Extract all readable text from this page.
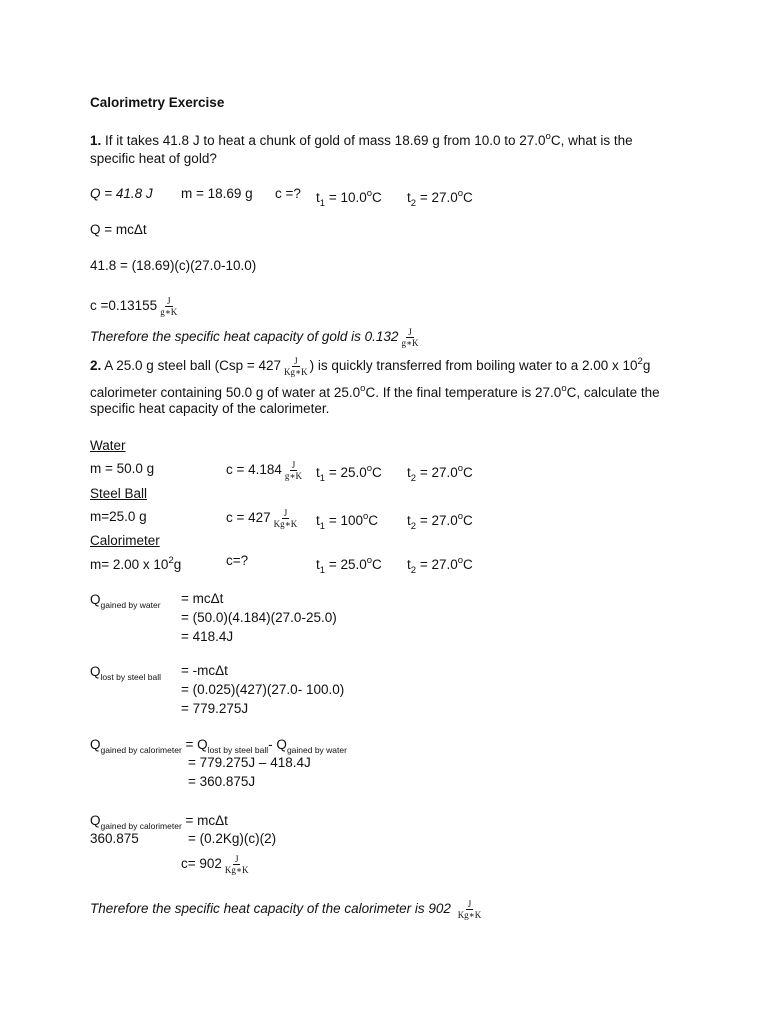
Calorimetry Exercise
1. If it takes 41.8 J to heat a chunk of gold of mass 18.69 g from 10.0 to 27.0$^o$C, what is the
specific heat of gold?
Q = 41.8 J m = 18.69 g c =? $t_1 = 10.0^oC$ $t_2 = 27.0^oC$
Q = mcΔt
41.8 = (18.69)(c)(27.0-10.0)
$c =0.13155 \frac{J}{g∗K}$
Therefore the specific heat capacity of gold is $0.132 \frac{J}{g∗K}$
2. A 25.0 g steel ball ($Csp = 427 \frac{J}{Kg∗K}$ ) is quickly transferred from boiling water to a 2.00 x $10^2g$
calorimeter containing 50.0 g of water at 25.0$^o$C. If the final temperature is 27.0$^o$C, calculate the
specific heat capacity of the calorimeter.
Water
m = 50.0 g	$c = 4.184 \frac{J}{g∗K} t_1 = 25.0^oC$ $t_2 = 27.0^oC$
Steel Ball
m=25.0 g	$c = 427 \frac{J}{Kg∗K} t_1 = 100^oC$ $t_2 = 27.0^oC$
Calorimeter
m= 2.00 x $10^2g$	c=?	$t_1 = 25.0^oC$ $t_2 = 27.0^oC$
$Q_{gained by water} = mc\Delta t$
= (50.0)(4.184)(27.0-25.0)
= 418.4J
$Q_{lost by steel ball} = -mc\Delta t$
= (0.025)(427)(27.0- 100.0)
= 779.275J
$Q_{gained by calorimeter} = Q_{lost by steel ball}-$ $Q_{gained by water}$
= 779.275J – 418.4J
= 360.875J
$Q_{gained by calorimeter} = mc\Delta t$
360.875	= (0.2Kg)(c)(2)
$c= 902 \frac{J}{Kg∗K}$
Therefore the specific heat capacity of the calorimeter is $902 \frac{J}{Kg∗K}$
